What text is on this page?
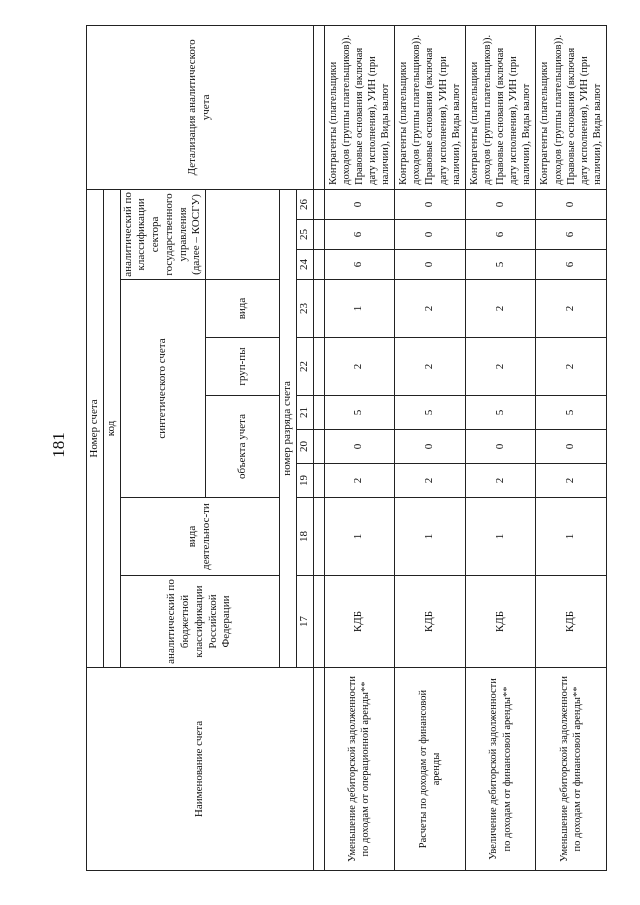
181
Наименование счета	Номер счета										Детализация аналитического учета
	код										
	аналитический по бюджетной классификации Российской Федерации	вида деятельнос-ти	синтетического счета					аналитический по классификации сектора государственного управления (далее – КОСГУ)			
			объекта учета			груп-пы	вида				
	номер разряда счета										
	17	18	19	20	21	22	23	24	25	26	

Уменьшение дебиторской задолженности по доходам от операционной аренды**	КДБ	1	2	0	5	2	1	6	6	0	Контрагенты (плательщики доходов (группы плательщиков)). Правовые основания (включая дату исполнения), УИН (при наличии), Виды валют
Расчеты по доходам от финансовой аренды	КДБ	1	2	0	5	2	2	0	0	0	Контрагенты (плательщики доходов (группы плательщиков)). Правовые основания (включая дату исполнения), УИН (при наличии), Виды валют
Увеличение дебиторской задолженности по доходам от финансовой аренды**	КДБ	1	2	0	5	2	2	5	6	0	Контрагенты (плательщики доходов (группы плательщиков)). Правовые основания (включая дату исполнения), УИН (при наличии), Виды валют
Уменьшение дебиторской задолженности по доходам от финансовой аренды**	КДБ	1	2	0	5	2	2	6	6	0	Контрагенты (плательщики доходов (группы плательщиков)). Правовые основания (включая дату исполнения), УИН (при наличии), Виды валют
